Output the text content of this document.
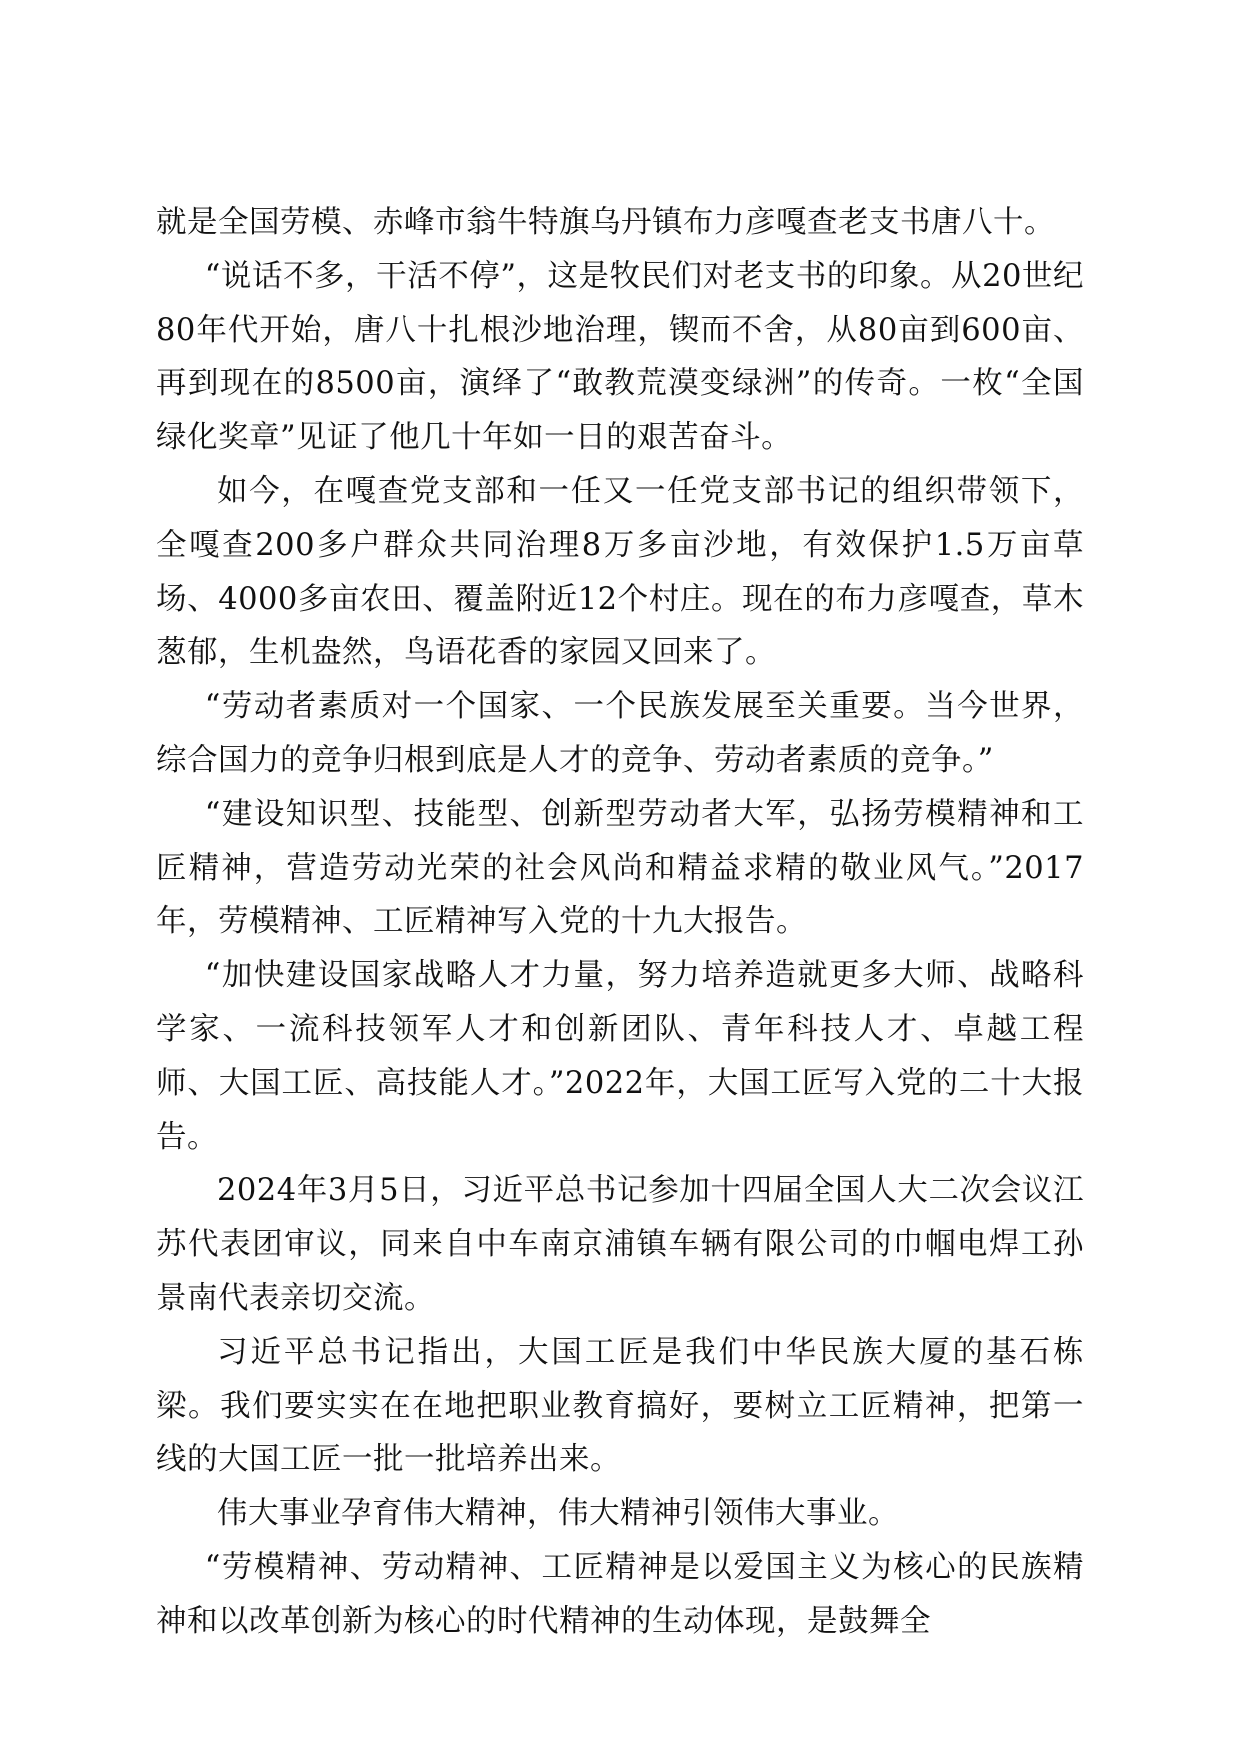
就是全国劳模、赤峰市翁牛特旗乌丹镇布力彦嘎查老支书唐八十。

“说话不多，干活不停”，这是牧民们对老支书的印象。从20世纪80年代开始，唐八十扎根沙地治理，锲而不舍，从80亩到600亩、再到现在的8500亩，演绎了“敢教荒漠变绿洲”的传奇。一枚“全国绿化奖章”见证了他几十年如一日的艰苦奋斗。

如今，在嘎查党支部和一任又一任党支部书记的组织带领下，全嘎查200多户群众共同治理8万多亩沙地，有效保护1.5万亩草场、4000多亩农田、覆盖附近12个村庄。现在的布力彦嘎查，草木葱郁，生机盎然，鸟语花香的家园又回来了。

“劳动者素质对一个国家、一个民族发展至关重要。当今世界，综合国力的竞争归根到底是人才的竞争、劳动者素质的竞争。”

“建设知识型、技能型、创新型劳动者大军，弘扬劳模精神和工匠精神，营造劳动光荣的社会风尚和精益求精的敬业风气。”2017年，劳模精神、工匠精神写入党的十九大报告。

“加快建设国家战略人才力量，努力培养造就更多大师、战略科学家、一流科技领军人才和创新团队、青年科技人才、卓越工程师、大国工匠、高技能人才。”2022年，大国工匠写入党的二十大报告。

2024年3月5日，习近平总书记参加十四届全国人大二次会议江苏代表团审议，同来自中车南京浦镇车辆有限公司的巾帼电焊工孙景南代表亲切交流。

习近平总书记指出，大国工匠是我们中华民族大厦的基石栋梁。我们要实实在在地把职业教育搞好，要树立工匠精神，把第一线的大国工匠一批一批培养出来。

伟大事业孕育伟大精神，伟大精神引领伟大事业。

“劳模精神、劳动精神、工匠精神是以爱国主义为核心的民族精神和以改革创新为核心的时代精神的生动体现，是鼓舞全
